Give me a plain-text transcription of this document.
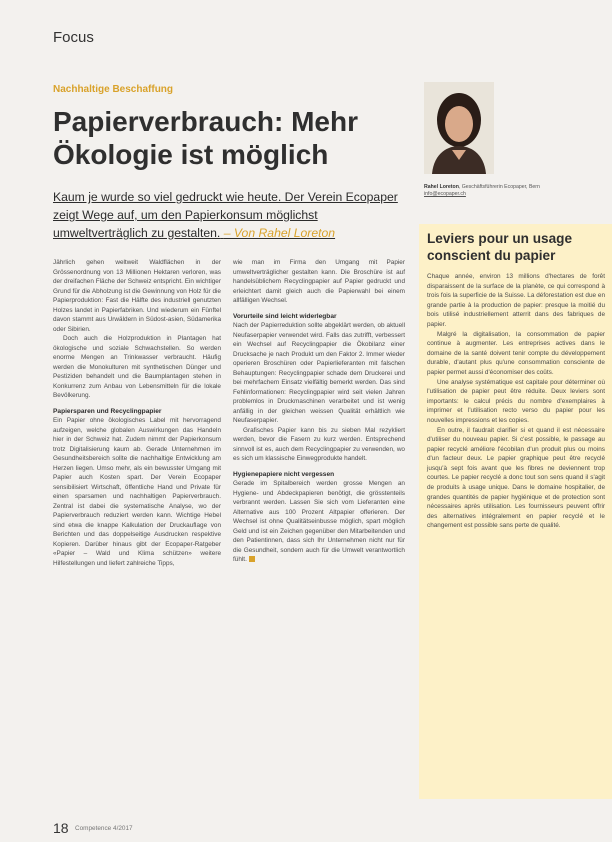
Focus
Nachhaltige Beschaffung
Papierverbrauch: Mehr
Ökologie ist möglich

Kaum je wurde so viel gedruckt wie heute. Der Verein Ecopaper zeigt Wege auf, um den Papierkonsum möglichst umweltverträglich zu gestalten. – Von Rahel Loreton

Rahel Loreton, Geschäftsführerin Ecopaper, Bern
info@ecopaper.ch

Jährlich gehen weltweit Waldflächen in der Grössenordnung von 13 Millionen Hektaren verloren, was der dreifachen Fläche der Schweiz entspricht. Ein wichtiger Grund für die Abholzung ist die Gewinnung von Holz für die Papierproduktion: Fast die Hälfte des industriell genutzten Holzes landet in Papierfabriken. Und wiederum ein Fünftel davon stammt aus Urwäldern in Südost-asien, Südamerika oder Sibirien.

Doch auch die Holzproduktion in Plantagen hat ökologische und soziale Schwachstellen. So werden enorme Mengen an Trinkwasser verbraucht. Häufig werden die Monokulturen mit synthetischen Dünger und Pestiziden behandelt und die Baumplantagen stehen in Konkurrenz zum Anbau von Lebensmitteln für die lokale Bevölkerung.

Papiersparen und Recyclingpapier

Ein Papier ohne ökologisches Label mit hervorragend aufzeigen, welche globalen Auswirkungen das Handeln hier in der Schweiz hat. Zudem nimmt der Papierkonsum trotz Digitalisierung kaum ab. Gerade Unternehmen im Gesundheitsbereich sollte die nachhaltige Entwicklung am Herzen liegen. Umso mehr, als ein bewusster Umgang mit Papier auch Kosten spart. Der Verein Ecopaper sensibilisiert Wirtschaft, öffentliche Hand und Private für einen sparsamen und nachhaltigen Papierverbrauch. Zentral ist dabei die systematische Analyse, wo der Papierverbrauch reduziert werden kann. Wichtige Hebel sind etwa die knappe Kalkulation der Druckauflage von Berichten und das doppelseitige Ausdrucken respektive Kopieren. Darüber hinaus gibt der Ecopaper-Ratgeber «Papier – Wald und Klima schützen» weitere Hilfestellungen und liefert zahlreiche Tipps,

wie man im Firma den Umgang mit Papier umweltverträglicher gestalten kann. Die Broschüre ist auf handelsüblichem Recyclingpapier auf Papier gedruckt und erleichtert damit gleich auch die Papierwahl bei einem allfälligen Wechsel.

Vorurteile sind leicht widerlegbar

Nach der Papierreduktion sollte abgeklärt werden, ob aktuell Neufaserpapier verwendet wird. Falls das zutrifft, verbessert ein Wechsel auf Recyclingpapier die Ökobilanz einer Drucksache je nach Produkt um den Faktor 2. Immer wieder operieren Broschüren oder Papierlieferanten mit falschen Behauptungen: Recyclingpapier schade dem Druckerei und bei mehrfachem Einsatz vielfältig bemerkt werden. Das sind Fehlinformationen: Recyclingpapier wird seit vielen Jahren problemlos in Druckmaschinen verarbeitet und ist wenig anfällig in der gleichen weissen Qualität erhältlich wie Neufaserpapier.

Grafisches Papier kann bis zu sieben Mal rezykliert werden, bevor die Fasern zu kurz werden. Entsprechend sinnvoll ist es, auch dem Recyclingpapier zu verwenden, wo es sich um klassische Einwegprodukte handelt.

Hygienepapiere nicht vergessen

Gerade im Spitalbereich werden grosse Mengen an Hygiene- und Abdeckpapieren benötigt, die grösstenteils verbrannt werden. Lassen Sie sich vom Lieferanten eine Alternative aus 100 Prozent Altpapier offerieren. Der Wechsel ist ohne Qualitätseinbusse möglich, spart möglich Geld und ist ein Zeichen gegenüber den Mitarbeitenden und den Patientinnen, dass sich Ihr Unternehmen nicht nur für die Gesundheit, sondern auch für die Umwelt verantwortlich fühlt.

Leviers pour un usage conscient du papier

Chaque année, environ 13 millions d'hectares de forêt disparaissent de la surface de la planète, ce qui correspond à trois fois la superficie de la Suisse. La déforestation est due en grande partie à la production de papier: presque la moitié du bois utilisé industriellement atterrit dans des fabriques de papier.

Malgré la digitalisation, la consommation de papier continue à augmenter. Les entreprises actives dans le domaine de la santé doivent tenir compte du développement durable, d'autant plus qu'une consommation consciente de papier permet aussi d'économiser des coûts.

Une analyse systématique est capitale pour déterminer où l'utilisation de papier peut être réduite. Deux leviers sont importants: le calcul précis du nombre d'exemplaires à imprimer et l'utilisation recto verso du papier pour les nouvelles impressions et les copies.

En outre, il faudrait clarifier si et quand il est nécessaire d'utiliser du nouveau papier. Si c'est possible, le passage au papier recyclé améliore l'écobilan d'un produit plus ou moins d'un facteur deux. Le papier graphique peut être recyclé jusqu'à sept fois avant que les fibres ne deviennent trop courtes. Le papier recyclé a donc tout son sens quand il s'agit de produits à usage unique. Dans le domaine hospitalier, de grandes quantités de papier hygiénique et de protection sont nécessaires après utilisation. Les fournisseurs peuvent offrir des alternatives intégralement en papier recyclé et le changement est possible sans perte de qualité.

18 Competence 4/2017
